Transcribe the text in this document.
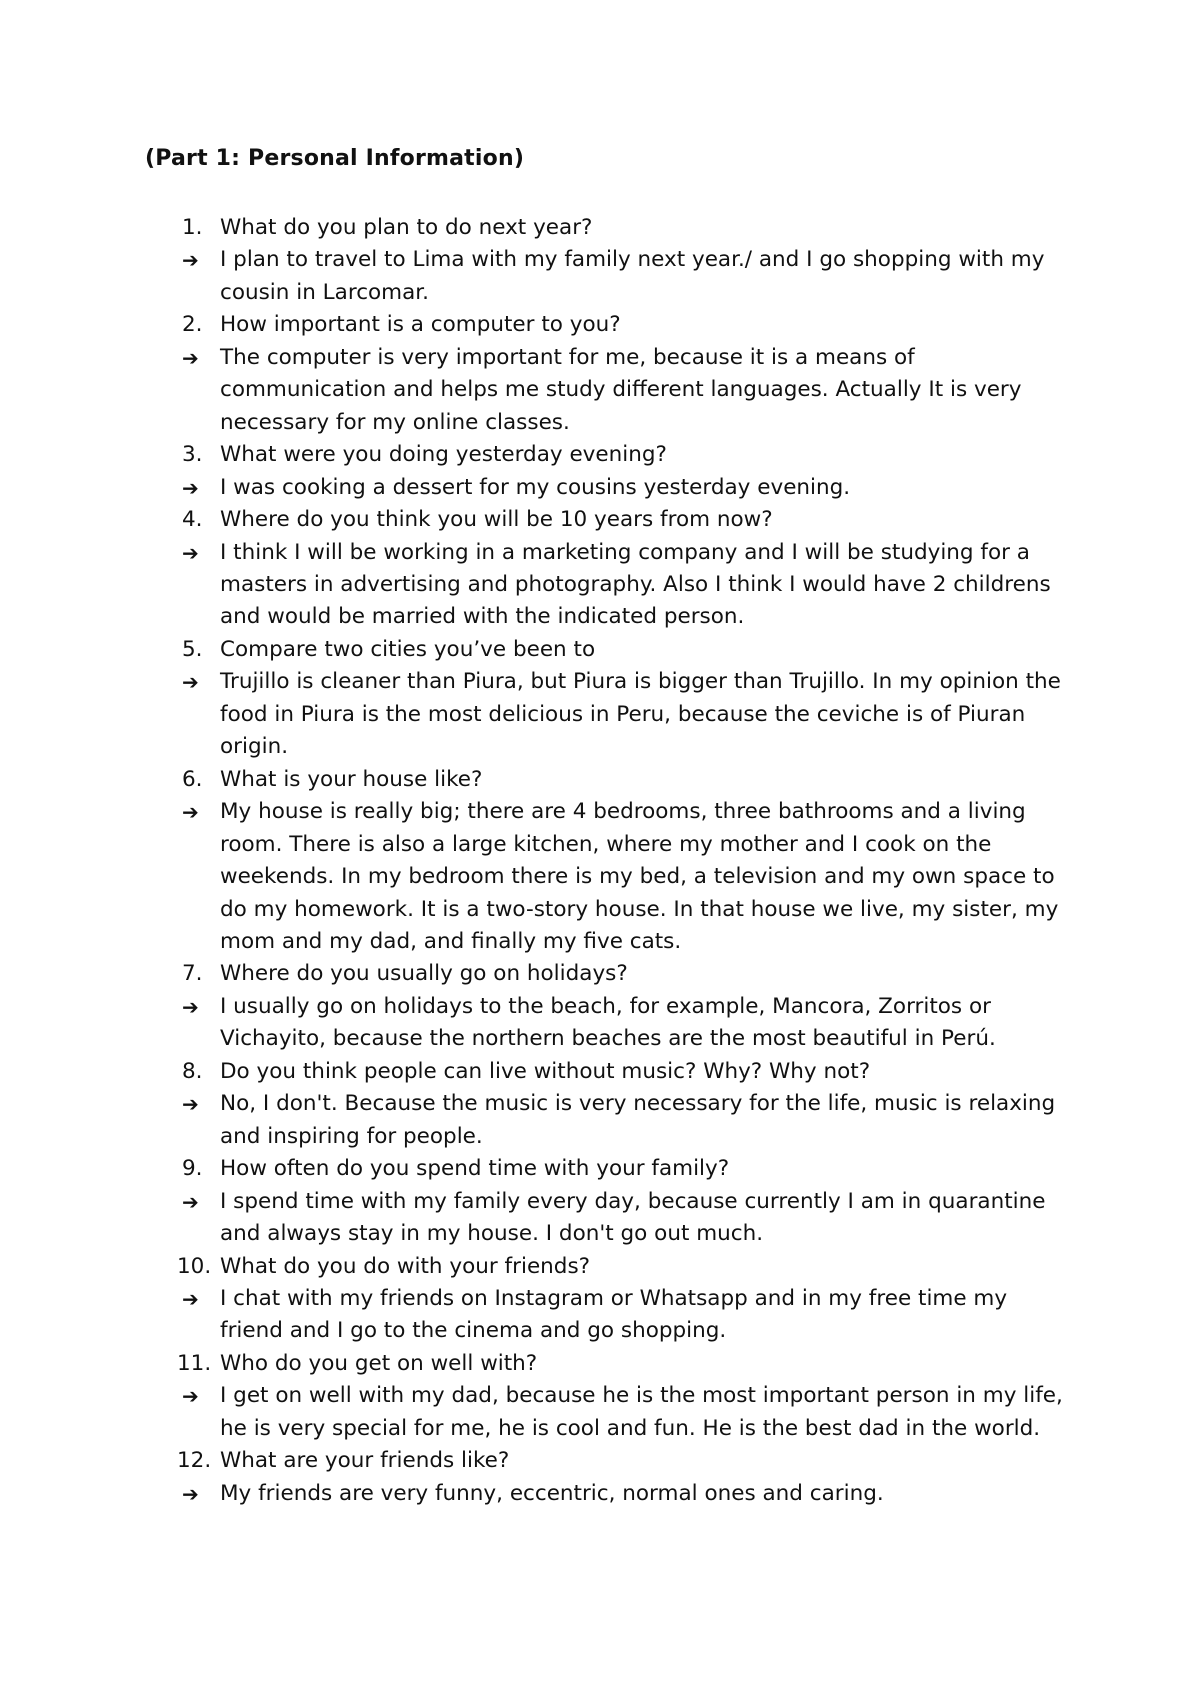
(Part 1: Personal Information)
1. What do you plan to do next year?
➔ I plan to travel to Lima with my family next year./ and I go shopping with my cousin in Larcomar.
2. How important is a computer to you?
➔ The computer is very important for me, because it is a means of communication and helps me study different languages. Actually It is very necessary for my online classes.
3. What were you doing yesterday evening?
➔ I was cooking a dessert for my cousins yesterday evening.
4. Where do you think you will be 10 years from now?
➔ I think I will be working in a marketing company and I will be studying for a masters in advertising and photography. Also I think I would have 2 childrens and would be married with the indicated person.
5. Compare two cities you’ve been to
➔ Trujillo is cleaner than Piura, but Piura is bigger than Trujillo. In my opinion the food in Piura is the most delicious in Peru, because the ceviche is of Piuran origin.
6. What is your house like?
➔ My house is really big; there are 4 bedrooms, three bathrooms and a living room. There is also a large kitchen, where my mother and I cook on the weekends. In my bedroom there is my bed, a television and my own space to do my homework. It is a two-story house. In that house we live, my sister, my mom and my dad, and finally my five cats.
7. Where do you usually go on holidays?
➔ I usually go on holidays to the beach, for example, Mancora, Zorritos or Vichayito, because the northern beaches are the most beautiful in Perú.
8. Do you think people can live without music? Why? Why not?
➔ No, I don't. Because the music is very necessary for the life, music is relaxing and inspiring for people.
9. How often do you spend time with your family?
➔ I spend time with my family every day, because currently I am in quarantine and always stay in my house. I don't go out much.
10. What do you do with your friends?
➔ I chat with my friends on Instagram or Whatsapp and in my free time my friend and I go to the cinema and go shopping.
11. Who do you get on well with?
➔ I get on well with my dad, because he is the most important person in my life, he is very special for me, he is cool and fun. He is the best dad in the world.
12. What are your friends like?
➔ My friends are very funny, eccentric, normal ones and caring.
